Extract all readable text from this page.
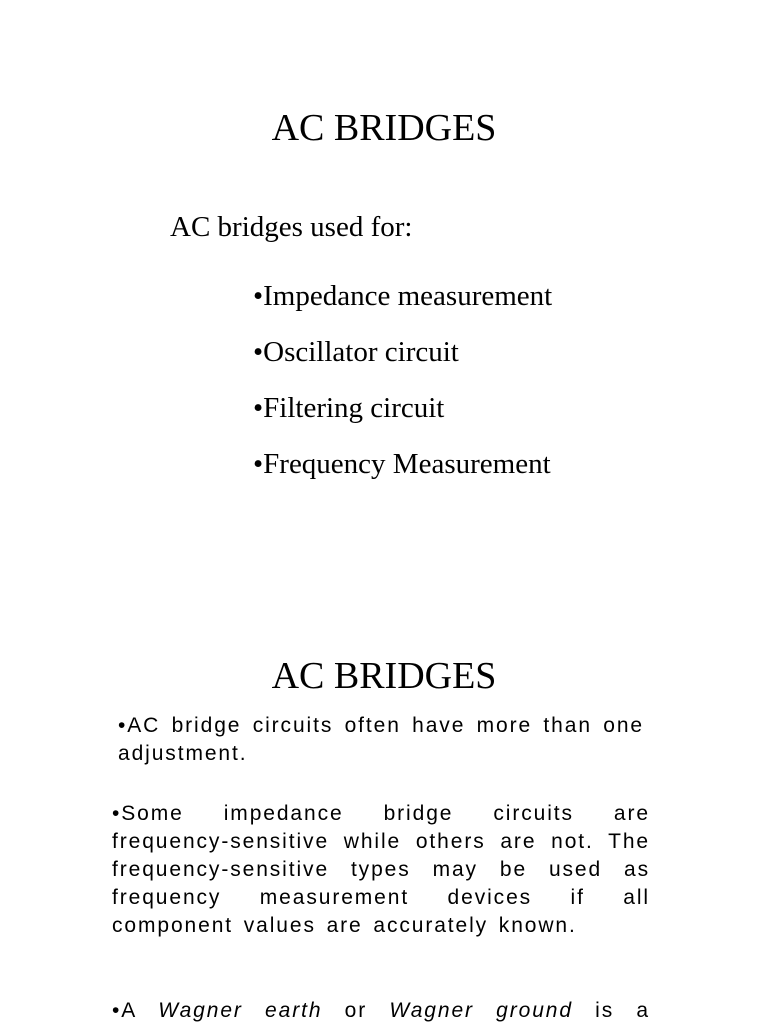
AC BRIDGES

AC bridges used for:

•Impedance measurement
•Oscillator circuit
•Filtering circuit
•Frequency Measurement
AC BRIDGES

•AC bridge circuits often have more than one adjustment.

•Some impedance bridge circuits are frequency-sensitive while others are not. The frequency-sensitive types may be used as frequency measurement devices if all component values are accurately known.

•A Wagner earth or Wagner ground is a
